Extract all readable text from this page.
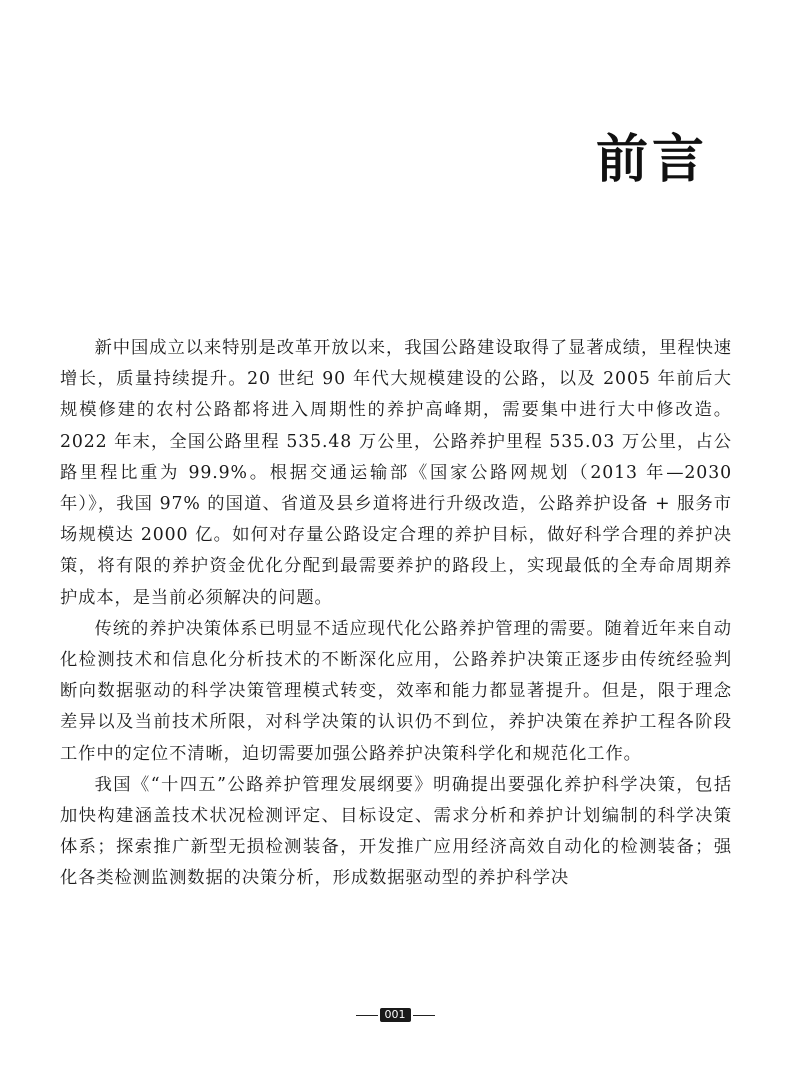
前言

新中国成立以来特别是改革开放以来，我国公路建设取得了显著成绩，里程快速增长，质量持续提升。20 世纪 90 年代大规模建设的公路，以及 2005 年前后大规模修建的农村公路都将进入周期性的养护高峰期，需要集中进行大中修改造。2022 年末，全国公路里程 535.48 万公里，公路养护里程 535.03 万公里，占公路里程比重为 99.9%。根据交通运输部《国家公路网规划（2013 年—2030 年）》，我国 97% 的国道、省道及县乡道将进行升级改造，公路养护设备 + 服务市场规模达 2000 亿。如何对存量公路设定合理的养护目标，做好科学合理的养护决策，将有限的养护资金优化分配到最需要养护的路段上，实现最低的全寿命周期养护成本，是当前必须解决的问题。

传统的养护决策体系已明显不适应现代化公路养护管理的需要。随着近年来自动化检测技术和信息化分析技术的不断深化应用，公路养护决策正逐步由传统经验判断向数据驱动的科学决策管理模式转变，效率和能力都显著提升。但是，限于理念差异以及当前技术所限，对科学决策的认识仍不到位，养护决策在养护工程各阶段工作中的定位不清晰，迫切需要加强公路养护决策科学化和规范化工作。

我国《“十四五”公路养护管理发展纲要》明确提出要强化养护科学决策，包括加快构建涵盖技术状况检测评定、目标设定、需求分析和养护计划编制的科学决策体系；探索推广新型无损检测装备，开发推广应用经济高效自动化的检测装备；强化各类检测监测数据的决策分析，形成数据驱动型的养护科学决

001
